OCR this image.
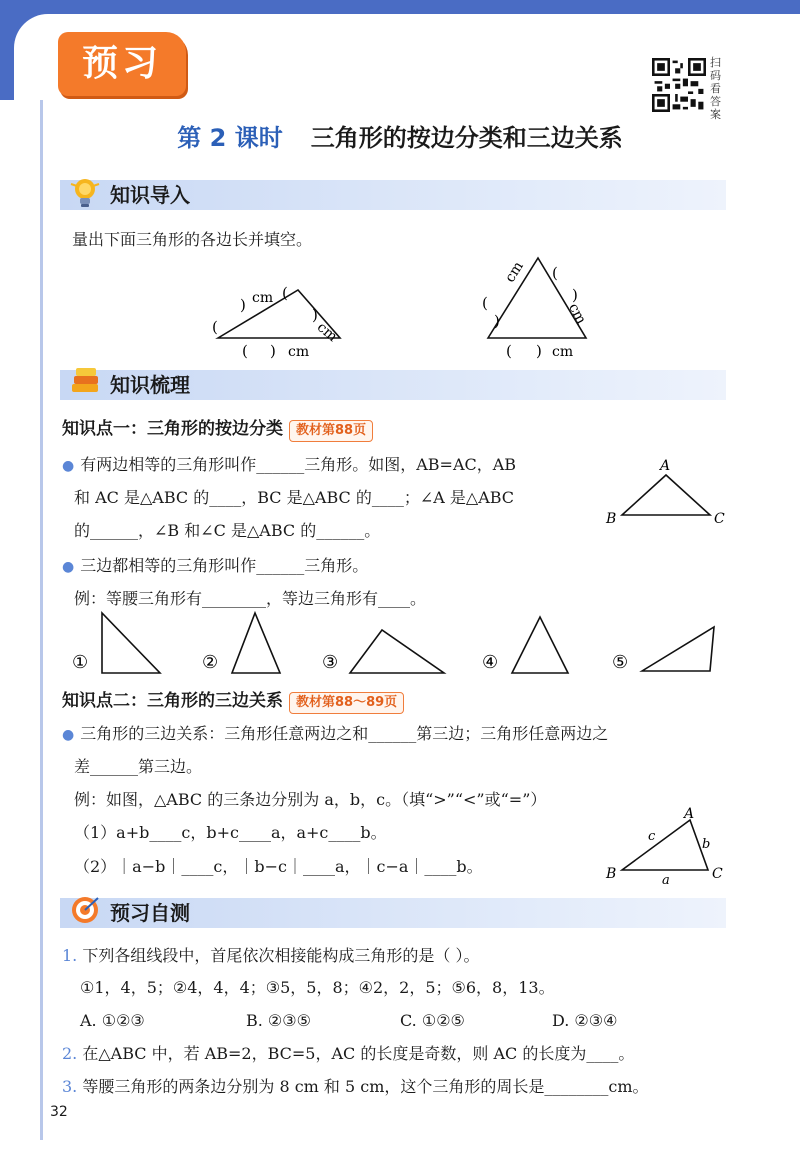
预习	扫码看答案
第 2 课时 三角形的按边分类和三边关系
知识导入
量出下面三角形的各边长并填空。
(
) cm (
)
cm
( ) cm
(
)
cm (
)
cm
( ) cm
知识梳理
知识点一：三角形的按边分类 教材第88页
● 有两边相等的三角形叫作______三角形。如图，AB=AC，AB
和 AC 是△ABC 的____，BC 是△ABC 的____；∠A 是△ABC
的______，∠B 和∠C 是△ABC 的______。
● 三边都相等的三角形叫作______三角形。
例：等腰三角形有________，等边三角形有____。
A
B	C
①	②	③	④	⑤
知识点二：三角形的三边关系 教材第88～89页
● 三角形的三边关系：三角形任意两边之和______第三边；三角形任意两边之
差______第三边。
例：如图，△ABC 的三条边分别为 a，b，c。（填“>”“<”或“=”）
（1）a+b____c，b+c____a，a+c____b。
（2）｜a−b｜____c，｜b−c｜____a，｜c−a｜____b。
A
B	C
a
b
c
预习自测
1. 下列各组线段中，首尾依次相接能构成三角形的是（ ）。
①1，4，5；②4，4，4；③5，5，8；④2，2，5；⑤6，8，13。
A. ①②③	B. ②③⑤	C. ①②⑤	D. ②③④
2. 在△ABC 中，若 AB=2，BC=5，AC 的长度是奇数，则 AC 的长度为____。
3. 等腰三角形的两条边分别为 8 cm 和 5 cm，这个三角形的周长是________cm。
32
